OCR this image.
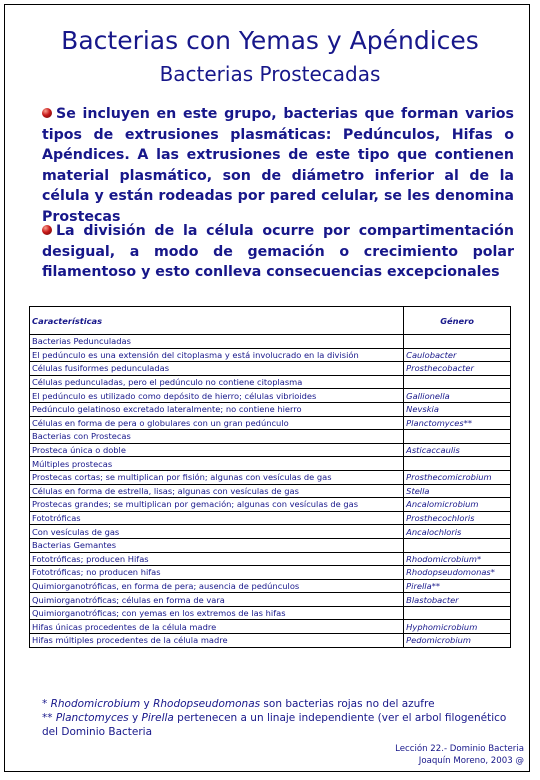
Bacterias con Yemas y Apéndices
Bacterias Prostecadas
Se incluyen en este grupo, bacterias que forman varios tipos de extrusiones plasmáticas: Pedúnculos, Hifas o Apéndices. A las extrusiones de este tipo que contienen material plasmático, son de diámetro inferior al de la célula y están rodeadas por pared celular, se les denomina Prostecas
La división de la célula ocurre por compartimentación desigual, a modo de gemación o crecimiento polar filamentoso y esto conlleva consecuencias excepcionales
Características	Género
Bacterias Pedunculadas	
El pedúnculo es una extensión del citoplasma y está involucrado en la división	Caulobacter
Células fusiformes pedunculadas	Prosthecobacter
Células pedunculadas, pero el pedúnculo no contiene citoplasma	
El pedúnculo es utilizado como depósito de hierro; células vibrioides	Gallionella
Pedúnculo gelatinoso excretado lateralmente; no contiene hierro	Nevskia
Células en forma de pera o globulares con un gran pedúnculo	Planctomyces**
Bacterias con Prostecas	
Prosteca única o doble	Asticaccaulis
Múltiples prostecas	
Prostecas cortas; se multiplican por fisión; algunas con vesículas de gas	Prosthecomicrobium
Células en forma de estrella, lisas; algunas con vesículas de gas	Stella
Prostecas grandes; se multiplican por gemación; algunas con vesículas de gas	Ancalomicrobium
Fototróficas	Prosthecochloris
Con vesículas de gas	Ancalochloris
Bacterias Gemantes	
Fototróficas; producen Hifas	Rhodomicrobium*
Fototróficas; no producen hifas	Rhodopseudomonas*
Quimiorganotróficas, en forma de pera; ausencia de pedúnculos	Pirella**
Quimiorganotróficas; células en forma de vara	Blastobacter
Quimiorganotróficas; con yemas en los extremos de las hifas	
Hifas únicas procedentes de la célula madre	Hyphomicrobium
Hifas múltiples procedentes de la célula madre	Pedomicrobium
* Rhodomicrobium y Rhodopseudomonas son bacterias rojas no del azufre
** Planctomyces y Pirella pertenecen a un linaje independiente (ver el arbol filogenético del Dominio Bacteria
Lección 22.- Dominio Bacteria
Joaquín Moreno, 2003 @
